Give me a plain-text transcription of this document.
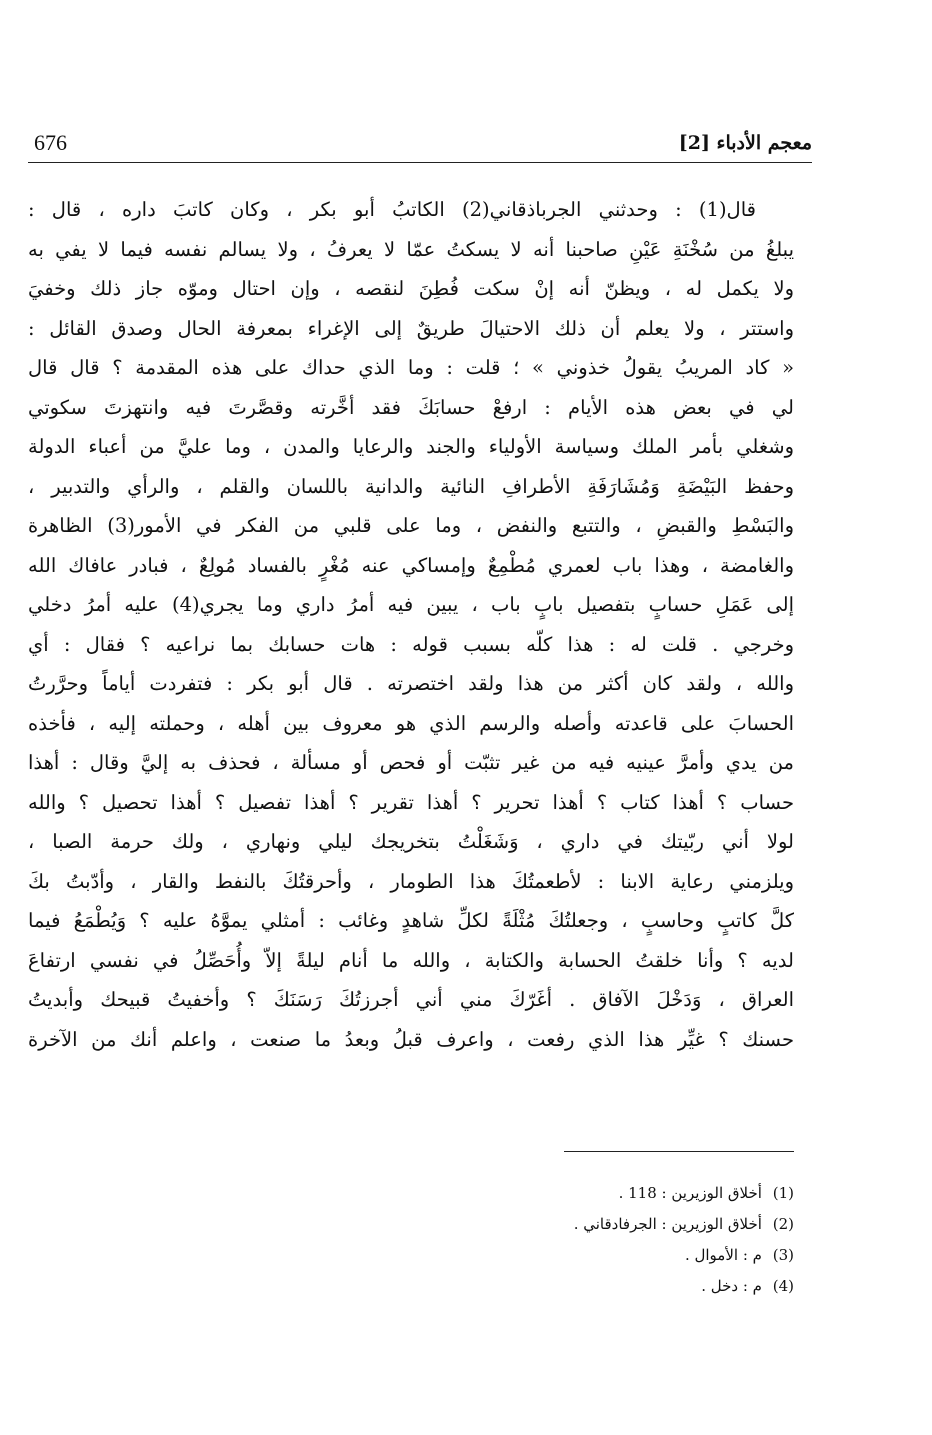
معجم الأدباء [2]
676
قال(1) : وحدثني الجرباذقاني(2) الكاتبُ أبو بكر ، وكان كاتبَ داره ، قال :
يبلغُ من سُخْنَةِ عَيْنِ صاحبنا أنه لا يسكتُ عمّا لا يعرفُ ، ولا يسالم نفسه فيما لا يفي به
ولا يكمل له ، ويظنّ أنه إنْ سكت فُطِنَ لنقصه ، وإن احتال وموّه جاز ذلك وخفيَ
واستتر ، ولا يعلم أن ذلك الاحتيالَ طريقٌ إلى الإغراء بمعرفة الحال وصدق القائل :
« كاد المريبُ يقولُ خذوني » ؛ قلت : وما الذي حداك على هذه المقدمة ؟ قال قال
لي في بعض هذه الأيام : ارفعْ حسابَكَ فقد أخَّرته وقصَّرتَ فيه وانتهزتَ سكوتي
وشغلي بأمر الملك وسياسة الأولياء والجند والرعايا والمدن ، وما عليَّ من أعباء الدولة
وحفظ البَيْضَةِ وَمُشَارَفَةِ الأطرافِ النائية والدانية باللسان والقلم ، والرأي والتدبير ،
والبَسْطِ والقبضِ ، والتتبع والنفض ، وما على قلبي من الفكر في الأمور(3) الظاهرة
والغامضة ، وهذا باب لعمري مُطْمِعٌ وإمساكي عنه مُغْرٍ بالفساد مُولِعٌ ، فبادر عافاك الله
إلى عَمَلِ حسابٍ بتفصيل بابٍ باب ، يبين فيه أمرُ داري وما يجري(4) عليه أمرُ دخلي
وخرجي . قلت له : هذا كلّه بسبب قوله : هات حسابك بما نراعيه ؟ فقال : أي
والله ، ولقد كان أكثر من هذا ولقد اختصرته . قال أبو بكر : فتفردت أياماً وحرَّرتُ
الحسابَ على قاعدته وأصله والرسم الذي هو معروف بين أهله ، وحملته إليه ، فأخذه
من يدي وأمرَّ عينيه فيه من غير تثبّت أو فحص أو مسألة ، فحذف به إليَّ وقال : أهذا
حساب ؟ أهذا كتاب ؟ أهذا تحرير ؟ أهذا تقرير ؟ أهذا تفصيل ؟ أهذا تحصيل ؟ والله
لولا أني ربّيتك في داري ، وَشَغَلْتُ بتخريجك ليلي ونهاري ، ولك حرمة الصبا ،
ويلزمني رعاية الابنا : لأطعمتُكَ هذا الطومار ، وأحرقتُكَ بالنفط والقار ، وأدّبتُ بكَ
كلَّ كاتبٍ وحاسبٍ ، وجعلتُكَ مُثْلَةً لكلِّ شاهدٍ وغائب : أمثلي يموَّهُ عليه ؟ وَيُطْمَعُ فيما
لديه ؟ وأنا خلقتُ الحسابة والكتابة ، والله ما أنام ليلةً إلاّ وأُحَصِّلُ في نفسي ارتفاعَ
العراق ، وَدَخْلَ الآفاق . أغَرّكَ مني أني أجرزتُكَ رَسَنَكَ ؟ وأخفيتُ قبيحك وأبديتُ
حسنك ؟ غيِّر هذا الذي رفعت ، واعرف قبلُ وبعدُ ما صنعت ، واعلم أنك من الآخرة
(1) أخلاق الوزيرين : 118 .
(2) أخلاق الوزيرين : الجرفادقاني .
(3) م : الأموال .
(4) م : دخل .
